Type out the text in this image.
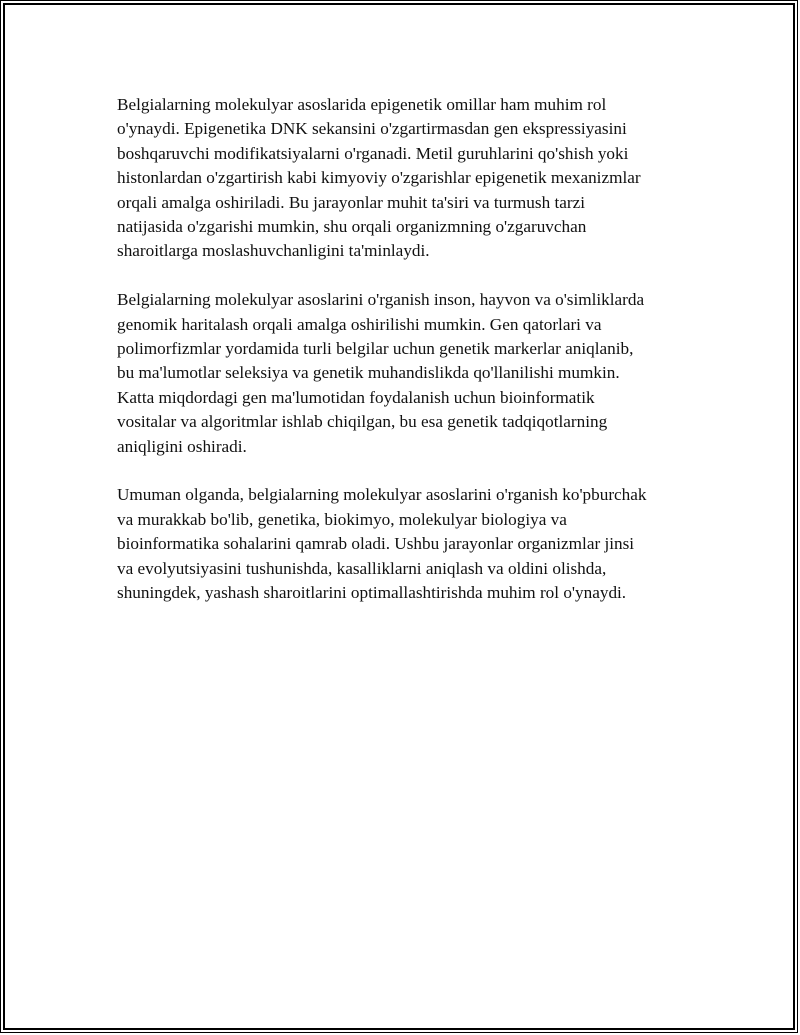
Belgialarning molekulyar asoslarida epigenetik omillar ham muhim rol
o'ynaydi. Epigenetika DNK sekansini o'zgartirmasdan gen ekspressiyasini
boshqaruvchi modifikatsiyalarni o'rganadi. Metil guruhlarini qo'shish yoki
histonlardan o'zgartirish kabi kimyoviy o'zgarishlar epigenetik mexanizmlar
orqali amalga oshiriladi. Bu jarayonlar muhit ta'siri va turmush tarzi
natijasida o'zgarishi mumkin, shu orqali organizmning o'zgaruvchan
sharoitlarga moslashuvchanligini ta'minlaydi.

Belgialarning molekulyar asoslarini o'rganish inson, hayvon va o'simliklarda
genomik haritalash orqali amalga oshirilishi mumkin. Gen qatorlari va
polimorfizmlar yordamida turli belgilar uchun genetik markerlar aniqlanib,
bu ma'lumotlar seleksiya va genetik muhandislikda qo'llanilishi mumkin.
Katta miqdordagi gen ma'lumotidan foydalanish uchun bioinformatik
vositalar va algoritmlar ishlab chiqilgan, bu esa genetik tadqiqotlarning
aniqligini oshiradi.

Umuman olganda, belgialarning molekulyar asoslarini o'rganish ko'pburchak
va murakkab bo'lib, genetika, biokimyo, molekulyar biologiya va
bioinformatika sohalarini qamrab oladi. Ushbu jarayonlar organizmlar jinsi
va evolyutsiyasini tushunishda, kasalliklarni aniqlash va oldini olishda,
shuningdek, yashash sharoitlarini optimallashtirishda muhim rol o'ynaydi.
